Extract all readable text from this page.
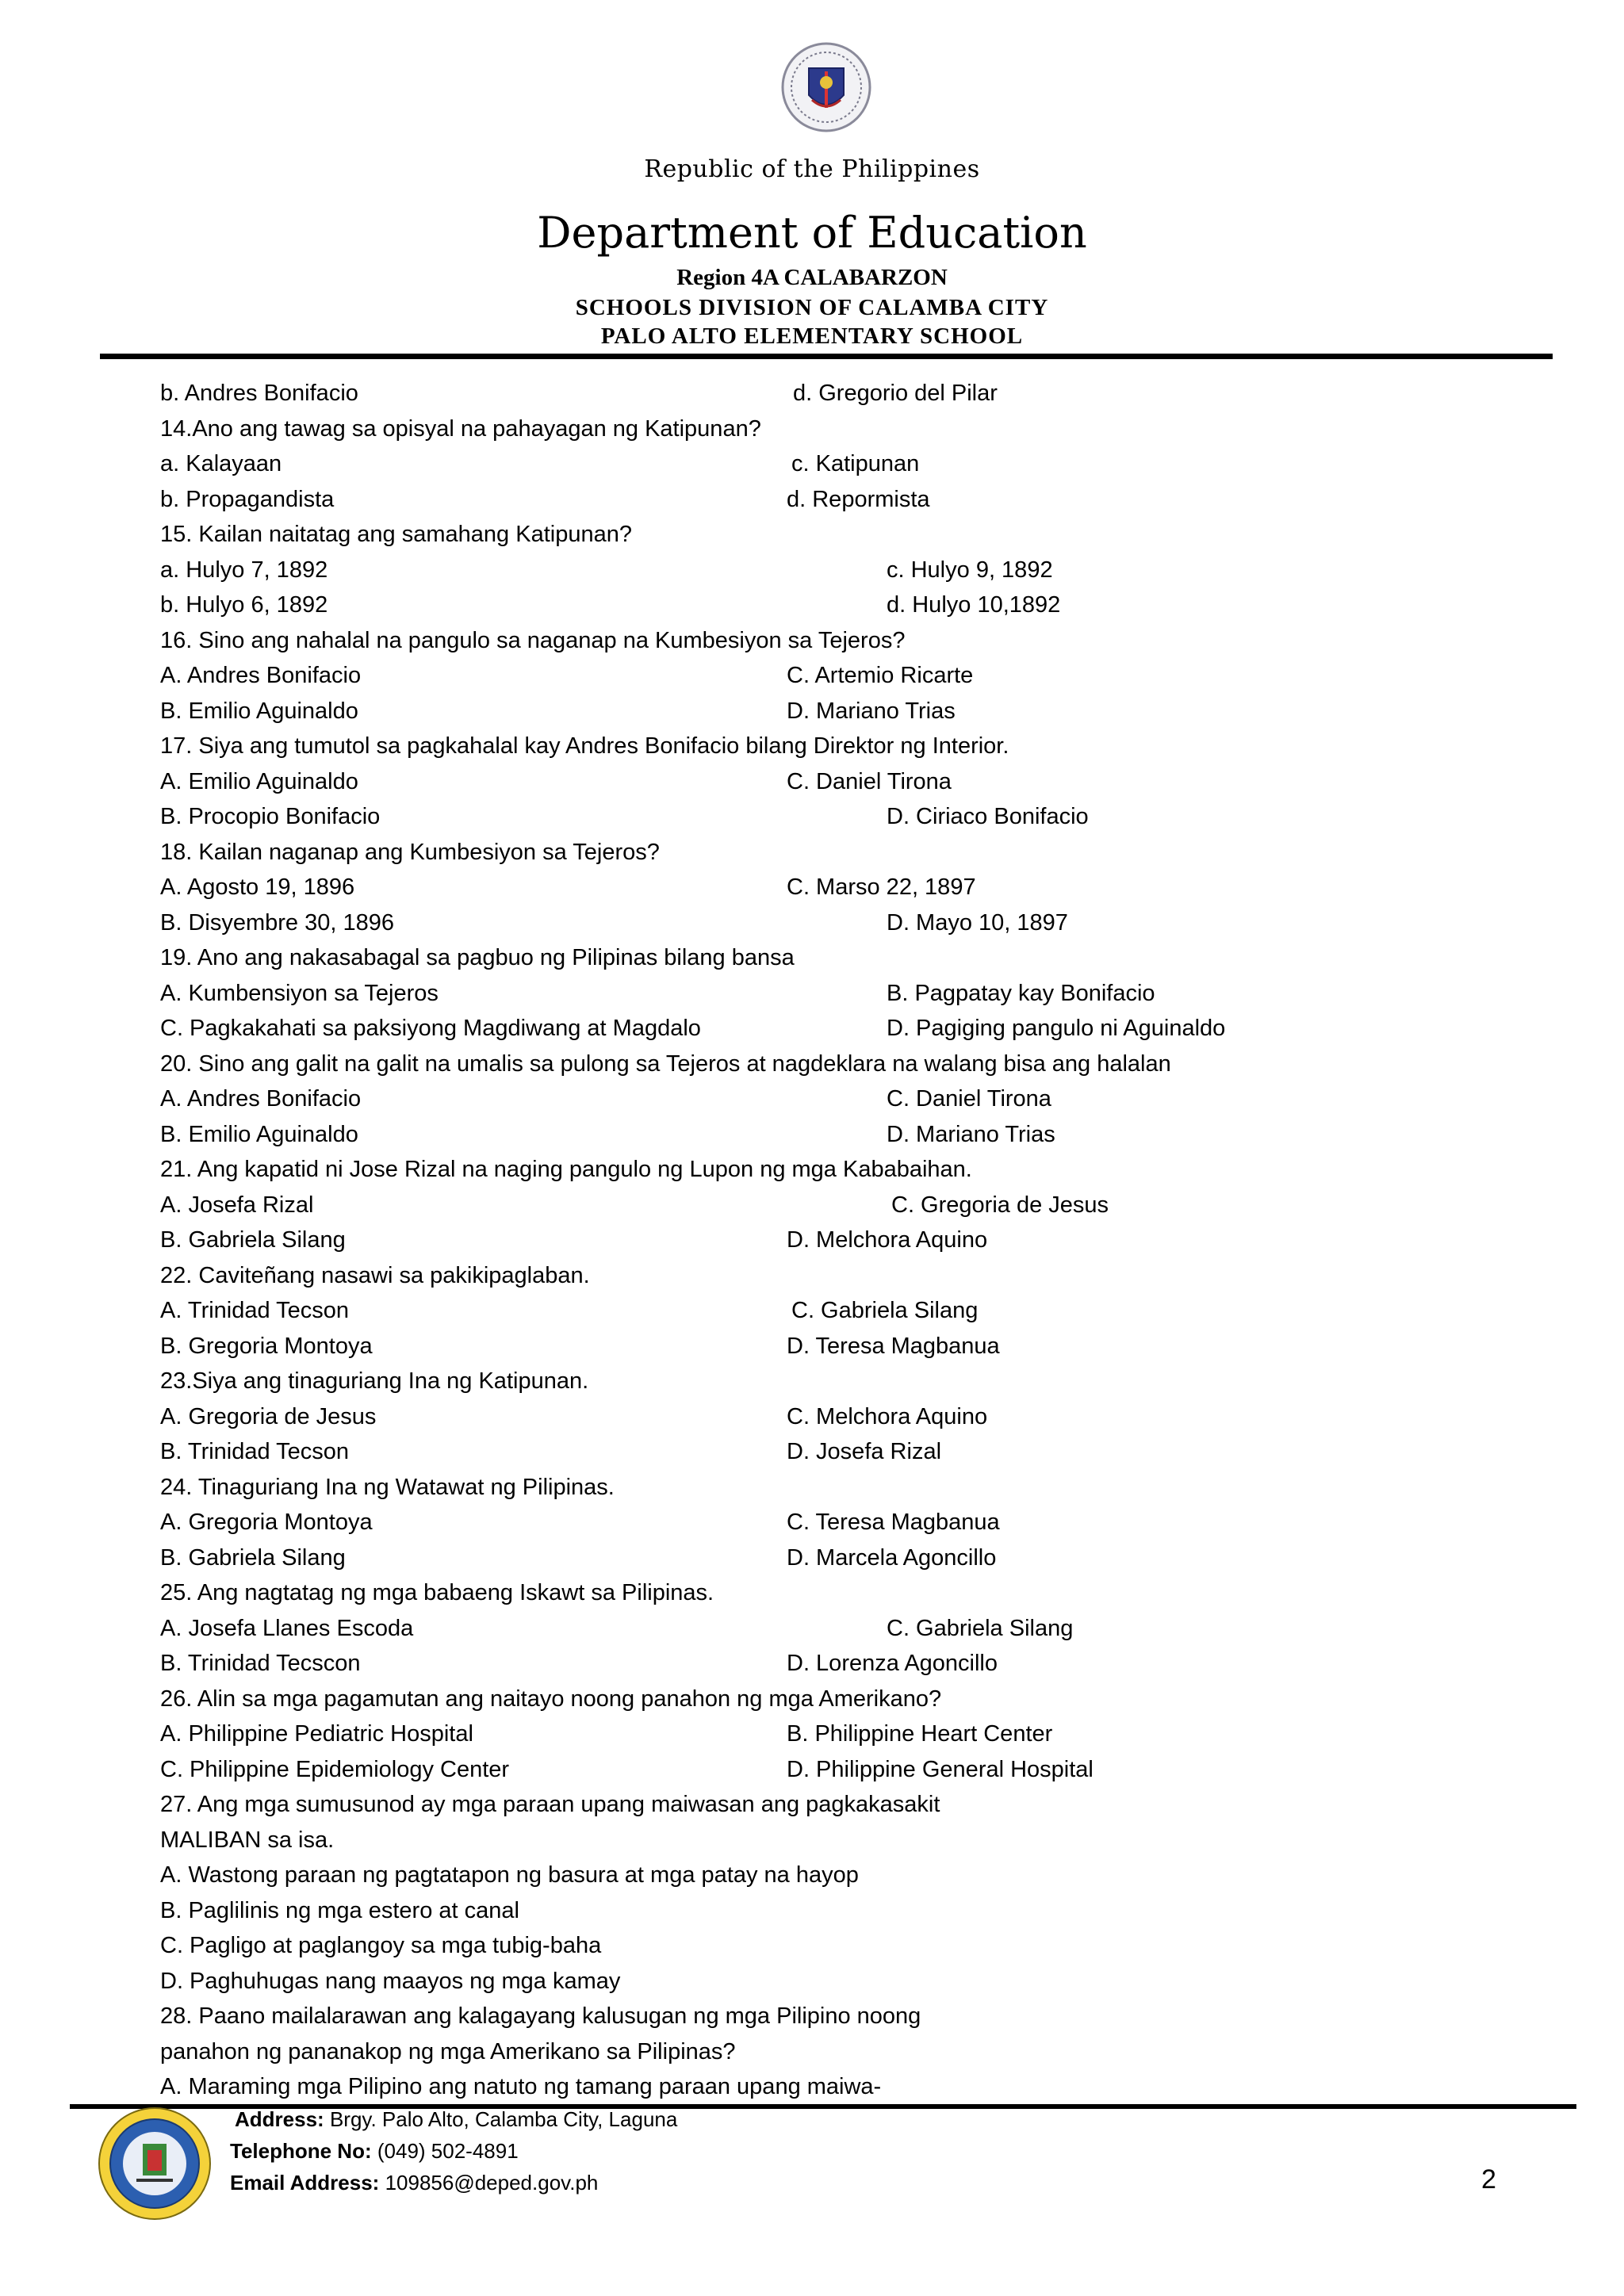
Republic of the Philippines
Department of Education
Region 4A CALABARZON
SCHOOLS DIVISION OF CALAMBA CITY
PALO ALTO ELEMENTARY SCHOOL
b. Andres Bonifacio	d. Gregorio del Pilar
14.Ano ang tawag sa opisyal na pahayagan ng Katipunan?
a. Kalayaan	c. Katipunan
b. Propagandista	d. Repormista
15. Kailan naitatag ang samahang Katipunan?
a. Hulyo 7, 1892	c. Hulyo 9, 1892
b. Hulyo 6, 1892	d. Hulyo 10,1892
16. Sino ang nahalal na pangulo sa naganap na Kumbesiyon sa Tejeros?
A. Andres Bonifacio	C. Artemio Ricarte
B. Emilio Aguinaldo	D. Mariano Trias
17. Siya ang tumutol sa pagkahalal kay Andres Bonifacio bilang Direktor ng Interior.
A. Emilio Aguinaldo	C. Daniel Tirona
B. Procopio Bonifacio	D. Ciriaco Bonifacio
18. Kailan naganap ang Kumbesiyon sa Tejeros?
A. Agosto 19, 1896	C. Marso 22, 1897
B. Disyembre 30, 1896	D. Mayo 10, 1897
19. Ano ang nakasabagal sa pagbuo ng Pilipinas bilang bansa
A. Kumbensiyon sa Tejeros	B. Pagpatay kay Bonifacio
C. Pagkakahati sa paksiyong Magdiwang at Magdalo	D. Pagiging pangulo ni Aguinaldo
20. Sino ang galit na galit na umalis sa pulong sa Tejeros at nagdeklara na walang bisa ang halalan
A. Andres Bonifacio	C. Daniel Tirona
B. Emilio Aguinaldo	D. Mariano Trias
21. Ang kapatid ni Jose Rizal na naging pangulo ng Lupon ng mga Kababaihan.
A. Josefa Rizal	C. Gregoria de Jesus
B. Gabriela Silang	D. Melchora Aquino
22. Caviteñang nasawi sa pakikipaglaban.
A. Trinidad Tecson	C. Gabriela Silang
B. Gregoria Montoya	D. Teresa Magbanua
23.Siya ang tinaguriang Ina ng Katipunan.
A. Gregoria de Jesus	C. Melchora Aquino
B. Trinidad Tecson	D. Josefa Rizal
24. Tinaguriang Ina ng Watawat ng Pilipinas.
A. Gregoria Montoya	C. Teresa Magbanua
B. Gabriela Silang	D. Marcela Agoncillo
25. Ang nagtatag ng mga babaeng Iskawt sa Pilipinas.
A. Josefa Llanes Escoda	C. Gabriela Silang
B. Trinidad Tecscon	D. Lorenza Agoncillo
26. Alin sa mga pagamutan ang naitayo noong panahon ng mga Amerikano?
A. Philippine Pediatric Hospital	B. Philippine Heart Center
C. Philippine Epidemiology Center	D. Philippine General Hospital
27. Ang mga sumusunod ay mga paraan upang maiwasan ang pagkakasakit
MALIBAN sa isa.
A. Wastong paraan ng pagtatapon ng basura at mga patay na hayop
B. Paglilinis ng mga estero at canal
C. Pagligo at paglangoy sa mga tubig-baha
D. Paghuhugas nang maayos ng mga kamay
28. Paano mailalarawan ang kalagayang kalusugan ng mga Pilipino noong
panahon ng pananakop ng mga Amerikano sa Pilipinas?
A. Maraming mga Pilipino ang natuto ng tamang paraan upang maiwa-
Address: Brgy. Palo Alto, Calamba City, Laguna
Telephone No: (049) 502-4891
Email Address: 109856@deped.gov.ph	2
